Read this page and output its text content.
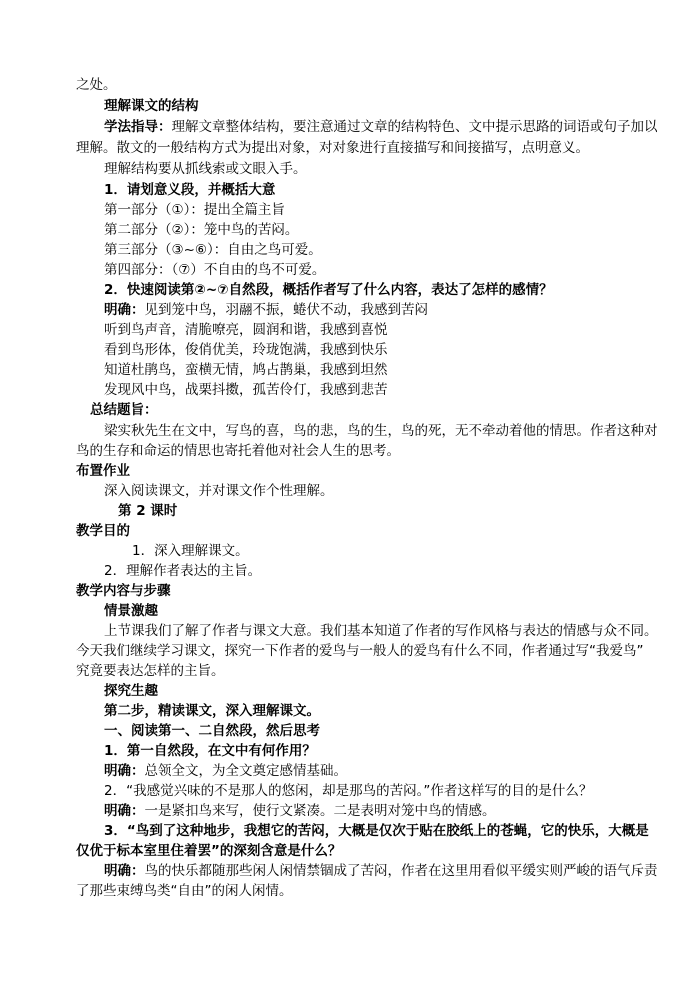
之处。
理解课文的结构
学法指导：理解文章整体结构，要注意通过文章的结构特色、文中提示思路的词语或句子加以
理解。散文的一般结构方式为提出对象，对对象进行直接描写和间接描写，点明意义。
理解结构要从抓线索或文眼入手。
1．请划意义段，并概括大意
第一部分（①）：提出全篇主旨
第二部分（②）：笼中鸟的苦闷。
第三部分（③~⑥）：自由之鸟可爱。
第四部分：（⑦）不自由的鸟不可爱。
2．快速阅读第②~⑦自然段，概括作者写了什么内容，表达了怎样的感情？
明确：见到笼中鸟，羽翮不振，蜷伏不动，我感到苦闷
听到鸟声音，清脆嘹亮，圆润和谐，我感到喜悦
看到鸟形体，俊俏优美，玲珑饱满，我感到快乐
知道杜鹃鸟，蛮横无情，鸠占鹊巢，我感到坦然
发现风中鸟，战栗抖擞，孤苦伶仃，我感到悲苦
总结题旨：
梁实秋先生在文中，写鸟的喜，鸟的悲，鸟的生，鸟的死，无不牵动着他的情思。作者这种对
鸟的生存和命运的情思也寄托着他对社会人生的思考。
布置作业
深入阅读课文，并对课文作个性理解。
第 2 课时
教学目的
1．深入理解课文。
2．理解作者表达的主旨。
教学内容与步骤
情景激趣
上节课我们了解了作者与课文大意。我们基本知道了作者的写作风格与表达的情感与众不同。
今天我们继续学习课文，探究一下作者的爱鸟与一般人的爱鸟有什么不同，作者通过写“我爱鸟”
究竟要表达怎样的主旨。
探究生趣
第二步，精读课文，深入理解课文。
一、阅读第一、二自然段，然后思考
1．第一自然段，在文中有何作用？
明确：总领全文，为全文奠定感情基础。
2．“我感觉兴味的不是那人的悠闲，却是那鸟的苦闷。”作者这样写的目的是什么？
明确：一是紧扣鸟来写，使行文紧凑。二是表明对笼中鸟的情感。
3．“鸟到了这种地步，我想它的苦闷，大概是仅次于贴在胶纸上的苍蝇，它的快乐，大概是
仅优于标本室里住着罢”的深刻含意是什么？
明确：鸟的快乐都随那些闲人闲情禁锢成了苦闷，作者在这里用看似平缓实则严峻的语气斥责
了那些束缚鸟类“自由”的闲人闲情。
